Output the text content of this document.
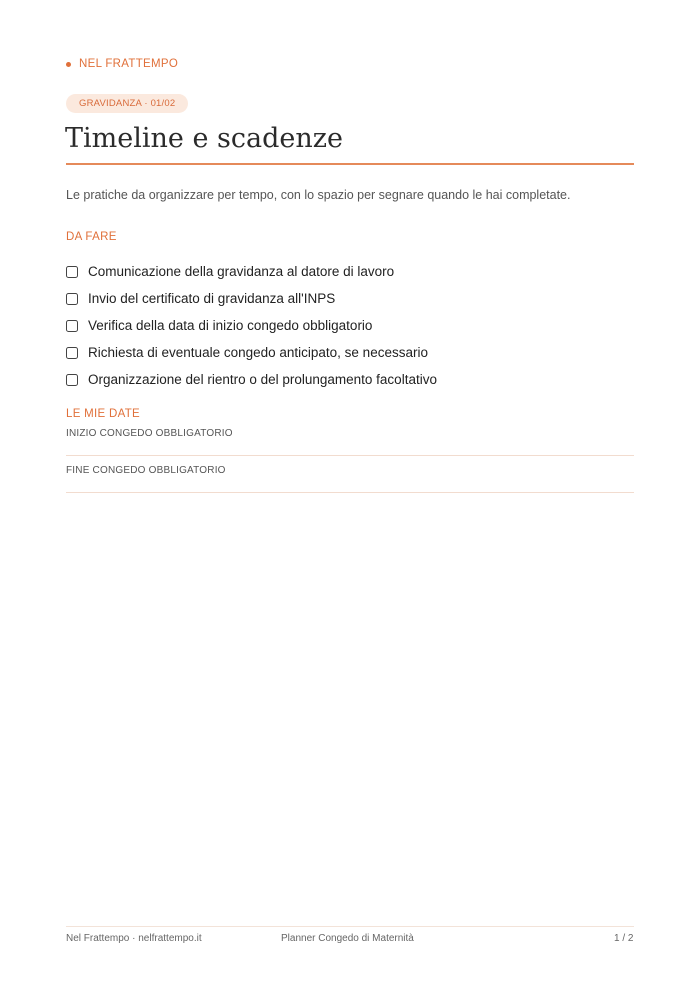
NEL FRATTEMPO
GRAVIDANZA · 01/02
Timeline e scadenze

Le pratiche da organizzare per tempo, con lo spazio per segnare quando le hai completate.

DA FARE
Comunicazione della gravidanza al datore di lavoro
Invio del certificato di gravidanza all'INPS
Verifica della data di inizio congedo obbligatorio
Richiesta di eventuale congedo anticipato, se necessario
Organizzazione del rientro o del prolungamento facoltativo
LE MIE DATE
INIZIO CONGEDO OBBLIGATORIO
FINE CONGEDO OBBLIGATORIO
Nel Frattempo · nelfrattempo.it	Planner Congedo di Maternità	1 / 2
